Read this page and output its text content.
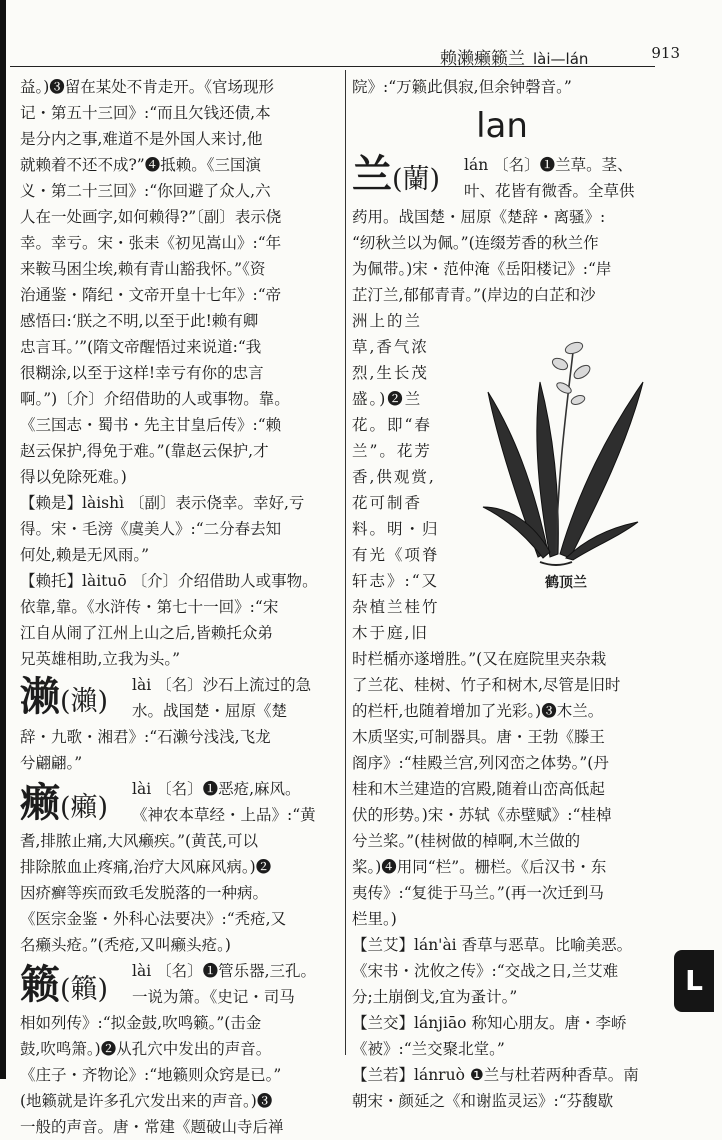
赖濑癞籁兰 lài—lán	913
益。)❸留在某处不肯走开。《官场现形
记・第五十三回》:“而且欠钱还债,本
是分内之事,难道不是外国人来讨,他
就赖着不还不成?”❹抵赖。《三国演
义・第二十三回》:“你回避了众人,六
人在一处画字,如何赖得?”〔副〕表示侥
幸。幸亏。宋・张耒《初见嵩山》:“年
来鞍马困尘埃,赖有青山豁我怀。”《资
治通鉴・隋纪・文帝开皇十七年》:“帝
感悟曰:‘朕之不明,以至于此!赖有卿
忠言耳。’”(隋文帝醒悟过来说道:“我
很糊涂,以至于这样!幸亏有你的忠言
啊。”)〔介〕介绍借助的人或事物。靠。
《三国志・蜀书・先主甘皇后传》:“赖
赵云保护,得免于难。”(靠赵云保护,才
得以免除死难。)
【赖是】làishì 〔副〕表示侥幸。幸好,亏
得。宋・毛滂《虞美人》:“二分春去知
何处,赖是无风雨。”
【赖托】làituō 〔介〕介绍借助人或事物。
依靠,靠。《水浒传・第七十一回》:“宋
江自从闹了江州上山之后,皆赖托众弟
兄英雄相助,立我为头。”
濑(瀨)
lài 〔名〕沙石上流过的急
水。战国楚・屈原《楚
辞・九歌・湘君》:“石濑兮浅浅,飞龙
兮翩翩。”
癞(癩)
lài 〔名〕❶恶疮,麻风。
《神农本草经・上品》:“黄
耆,排脓止痛,大风癞疾。”(黄芪,可以
排除脓血止疼痛,治疗大风麻风病。)❷
因疥癣等疾而致毛发脱落的一种病。
《医宗金鉴・外科心法要决》:“秃疮,又
名癞头疮。”(秃疮,又叫癞头疮。)
籁(籟)
lài 〔名〕❶管乐器,三孔。
一说为箫。《史记・司马
相如列传》:“拟金鼓,吹鸣籁。”(击金
鼓,吹鸣箫。)❷从孔穴中发出的声音。
《庄子・齐物论》:“地籁则众窍是已。”
(地籁就是许多孔穴发出来的声音。)❸
一般的声音。唐・常建《题破山寺后禅
院》:“万籁此俱寂,但余钟磬音。”
lan
兰(蘭)	lán 〔名〕❶兰草。茎、
叶、花皆有微香。全草供
药用。战国楚・屈原《楚辞・离骚》:
“纫秋兰以为佩。”(连缀芳香的秋兰作
为佩带。)宋・范仲淹《岳阳楼记》:“岸
芷汀兰,郁郁青青。”(岸边的白芷和沙
洲上的兰
草,香气浓
烈,生长茂
盛。)❷兰
花。即“春
兰”。花芳
香,供观赏,
花可制香
料。明・归
有光《项脊
轩志》:“又
杂植兰桂竹
木于庭,旧
时栏楯亦遂增胜。”(又在庭院里夹杂栽
了兰花、桂树、竹子和树木,尽管是旧时
的栏杆,也随着增加了光彩。)❸木兰。
木质坚实,可制器具。唐・王勃《滕王
阁序》:“桂殿兰宫,列冈峦之体势。”(丹
桂和木兰建造的宫殿,随着山峦高低起
伏的形势。)宋・苏轼《赤壁赋》:“桂棹
兮兰桨。”(桂树做的棹啊,木兰做的
桨。)❹用同“栏”。栅栏。《后汉书・东
夷传》:“复徙于马兰。”(再一次迁到马
栏里。)
【兰艾】lán'ài 香草与恶草。比喻美恶。
《宋书・沈攸之传》:“交战之日,兰艾难
分;土崩倒戈,宜为蚤计。”
【兰交】lánjiāo 称知心朋友。唐・李峤
《被》:“兰交聚北堂。”
【兰若】lánruò ❶兰与杜若两种香草。南
朝宋・颜延之《和谢监灵运》:“芬馥歇
鹤顶兰
L
